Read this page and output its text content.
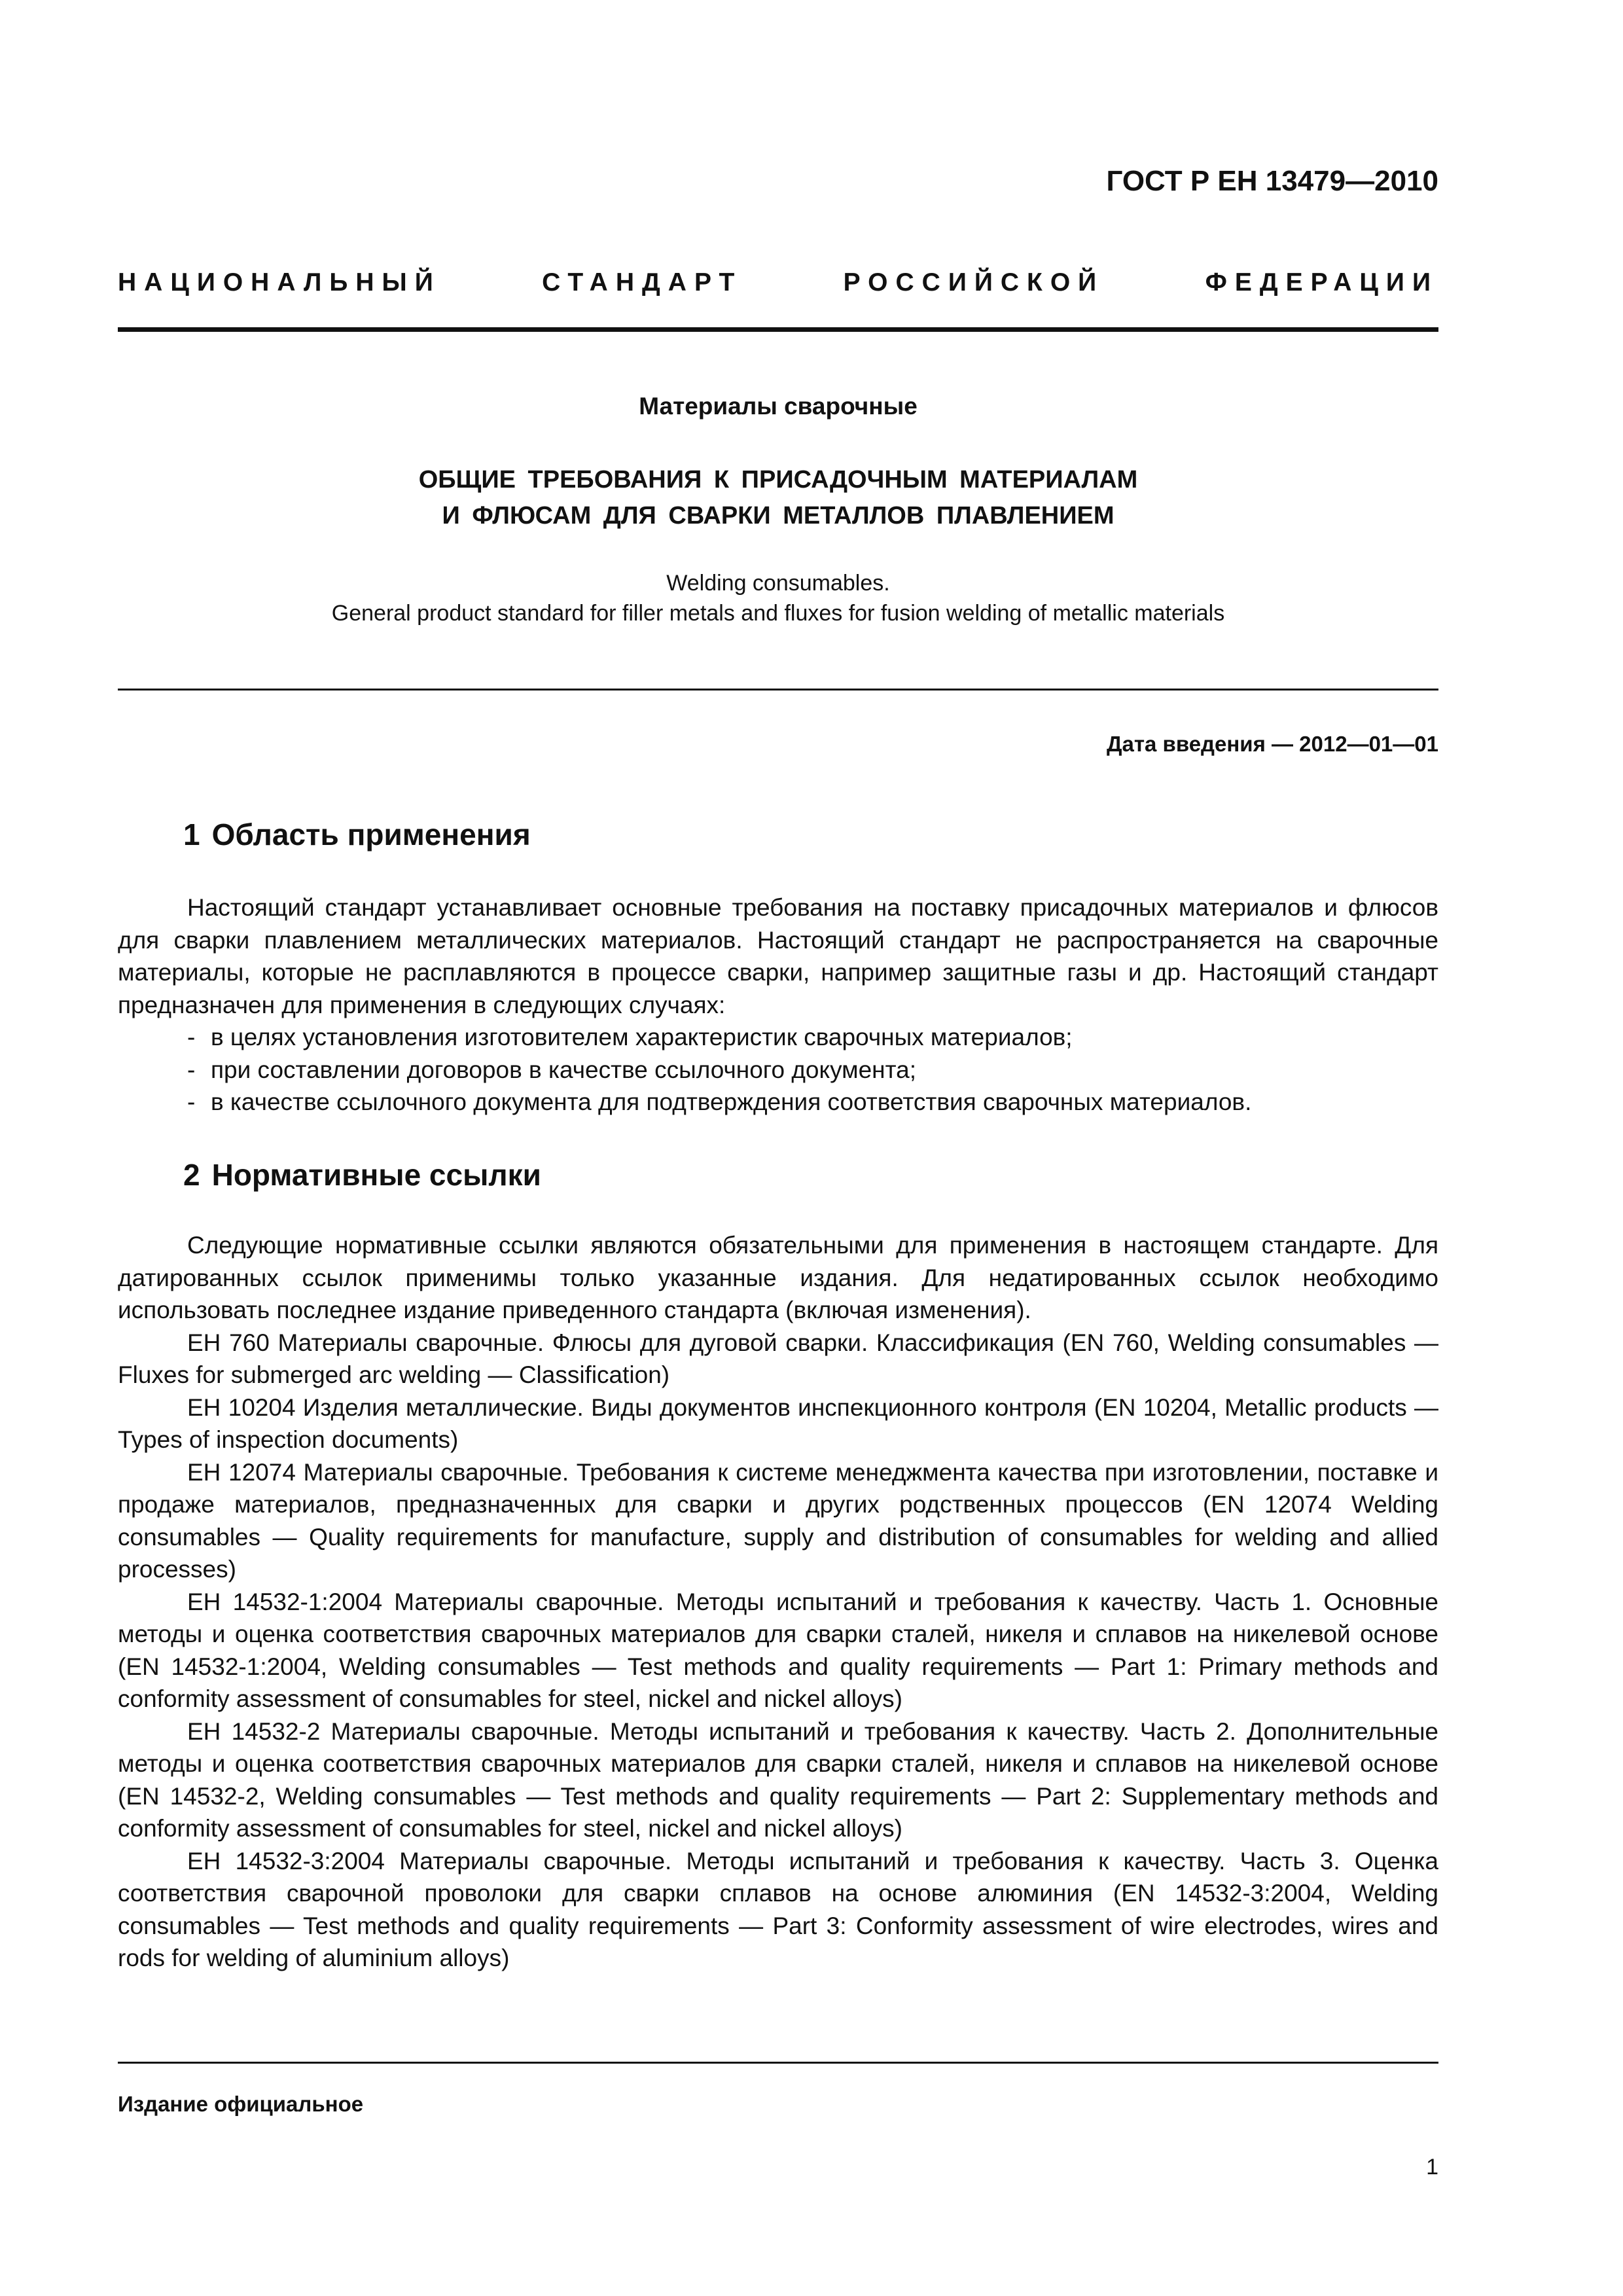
ГОСТ Р ЕН 13479—2010
НАЦИОНАЛЬНЫЙ	СТАНДАРТ	РОССИЙСКОЙ	ФЕДЕРАЦИИ
Материалы сварочные
ОБЩИЕ ТРЕБОВАНИЯ К ПРИСАДОЧНЫМ МАТЕРИАЛАМ
И ФЛЮСАМ ДЛЯ СВАРКИ МЕТАЛЛОВ ПЛАВЛЕНИЕМ
Welding consumables.
General product standard for filler metals and fluxes for fusion welding of metallic materials
Дата введения — 2012—01—01
1 Область применения

Настоящий стандарт устанавливает основные требования на поставку присадочных материалов и флюсов для сварки плавлением металлических материалов. Настоящий стандарт не распространяется на сварочные материалы, которые не расплавляются в процессе сварки, например защитные газы и др. Настоящий стандарт предназначен для применения в следующих случаях:

- в целях установления изготовителем характеристик сварочных материалов;
- при составлении договоров в качестве ссылочного документа;
- в качестве ссылочного документа для подтверждения соответствия сварочных материалов.
2 Нормативные ссылки

Следующие нормативные ссылки являются обязательными для применения в настоящем стандарте. Для датированных ссылок применимы только указанные издания. Для недатированных ссылок необходимо использовать последнее издание приведенного стандарта (включая изменения).

ЕН 760 Материалы сварочные. Флюсы для дуговой сварки. Классификация (EN 760, Welding consumables — Fluxes for submerged arc welding — Classification)

ЕН 10204 Изделия металлические. Виды документов инспекционного контроля (EN 10204, Metallic products — Types of inspection documents)

ЕН 12074 Материалы сварочные. Требования к системе менеджмента качества при изготовлении, поставке и продаже материалов, предназначенных для сварки и других родственных процессов (EN 12074 Welding consumables — Quality requirements for manufacture, supply and distribution of consumables for welding and allied processes)

ЕН 14532-1:2004 Материалы сварочные. Методы испытаний и требования к качеству. Часть 1. Основные методы и оценка соответствия сварочных материалов для сварки сталей, никеля и сплавов на никелевой основе (EN 14532-1:2004, Welding consumables — Test methods and quality requirements — Part 1: Primary methods and conformity assessment of consumables for steel, nickel and nickel alloys)

ЕН 14532-2 Материалы сварочные. Методы испытаний и требования к качеству. Часть 2. Дополнительные методы и оценка соответствия сварочных материалов для сварки сталей, никеля и сплавов на никелевой основе (EN 14532-2, Welding consumables — Test methods and quality requirements — Part 2: Supplementary methods and conformity assessment of consumables for steel, nickel and nickel alloys)

ЕН 14532-3:2004 Материалы сварочные. Методы испытаний и требования к качеству. Часть 3. Оценка соответствия сварочной проволоки для сварки сплавов на основе алюминия (EN 14532-3:2004, Welding consumables — Test methods and quality requirements — Part 3: Conformity assessment of wire electrodes, wires and rods for welding of aluminium alloys)

Издание официальное
1
